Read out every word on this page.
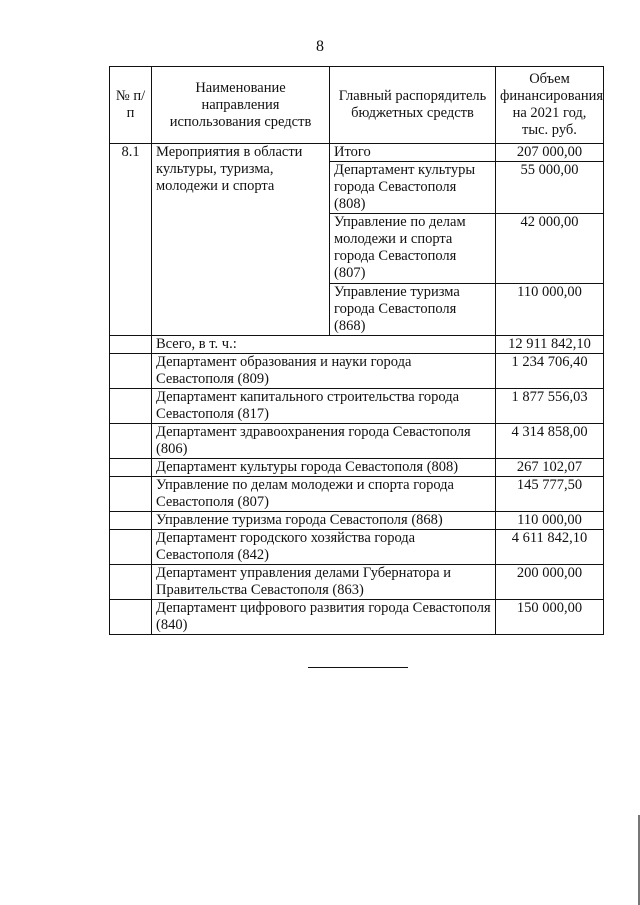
8
№ п/п	Наименование направления использования средств	Главный распорядитель бюджетных средств	Объем финансирования на 2021 год, тыс. руб.
8.1	Мероприятия в области культуры, туризма, молодежи и спорта	Итого	207 000,00
		Департамент культуры города Севастополя (808)	55 000,00
		Управление по делам молодежи и спорта города Севастополя (807)	42 000,00
		Управление туризма города Севастополя (868)	110 000,00
	Всего, в т. ч.:		12 911 842,10
	Департамент образования и науки города Севастополя (809)		1 234 706,40
	Департамент капитального строительства города Севастополя (817)		1 877 556,03
	Департамент здравоохранения города Севастополя (806)		4 314 858,00
	Департамент культуры города Севастополя (808)		267 102,07
	Управление по делам молодежи и спорта города Севастополя (807)		145 777,50
	Управление туризма города Севастополя (868)		110 000,00
	Департамент городского хозяйства города Севастополя (842)		4 611 842,10
	Департамент управления делами Губернатора и Правительства Севастополя (863)		200 000,00
	Департамент цифрового развития города Севастополя (840)		150 000,00
